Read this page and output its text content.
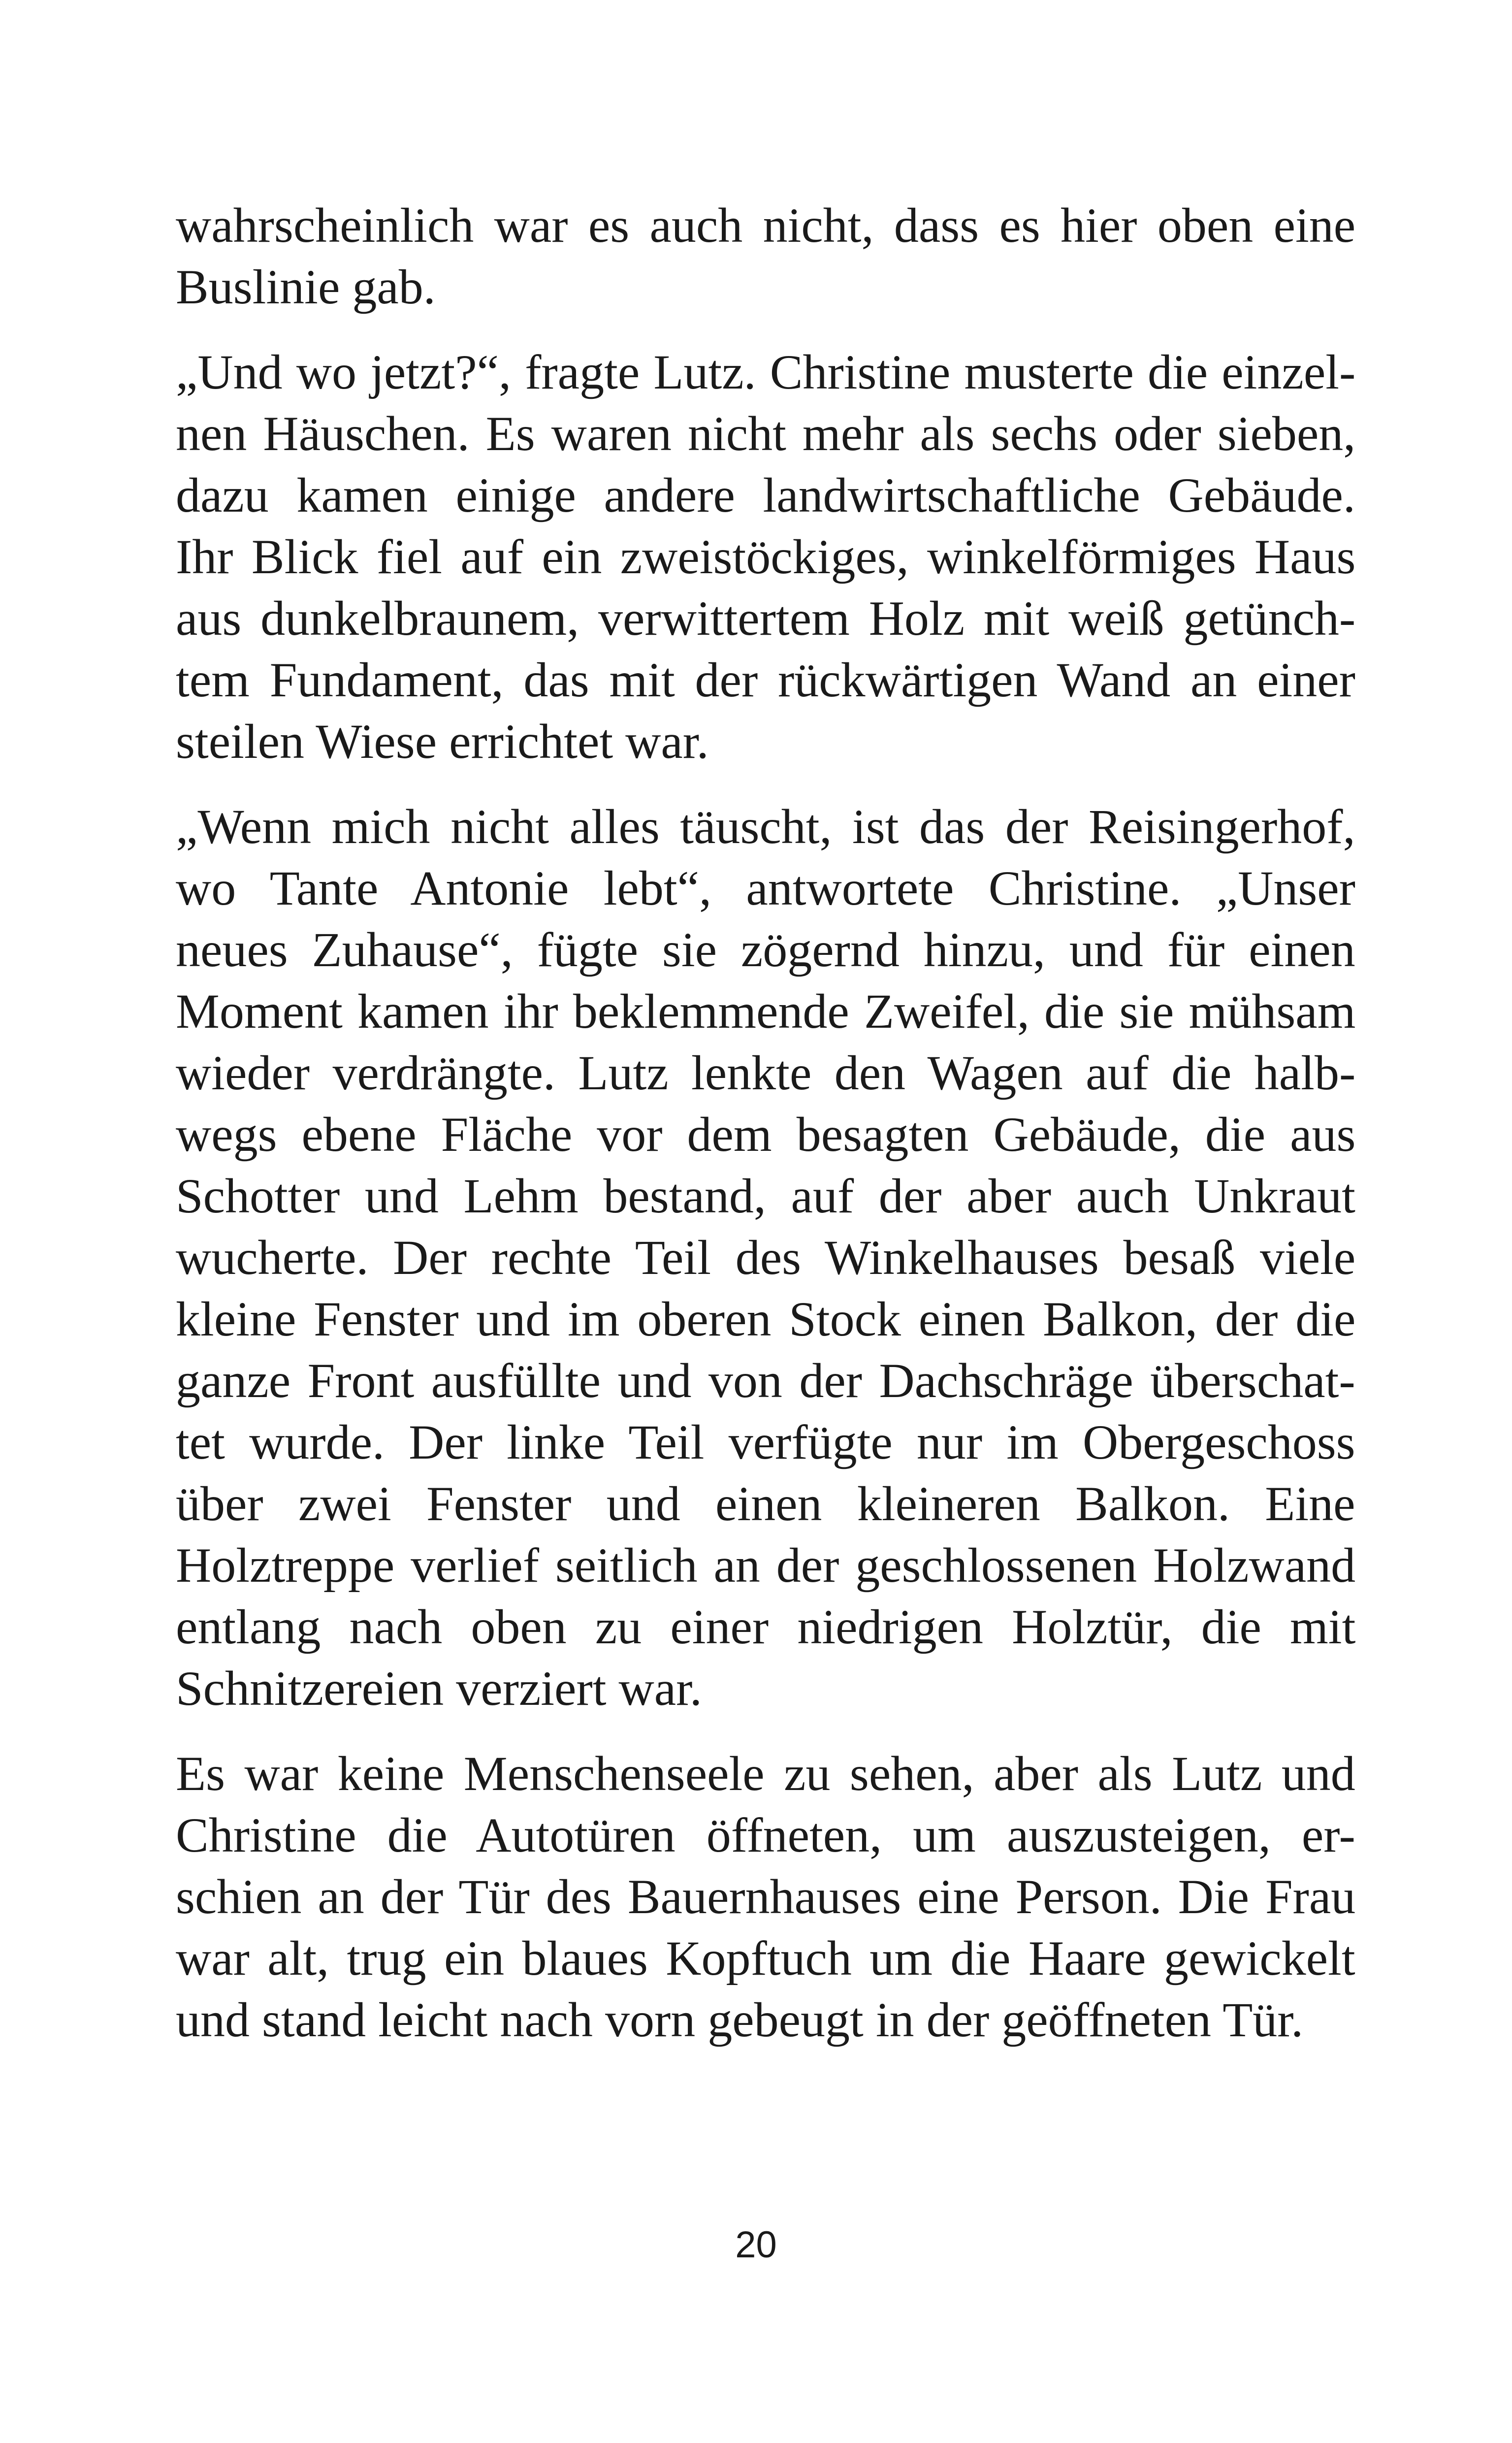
wahrscheinlich war es auch nicht, dass es hier oben eine
Buslinie gab.

„Und wo jetzt?“, fragte Lutz. Christine musterte die einzel-
nen Häuschen. Es waren nicht mehr als sechs oder sieben,
dazu kamen einige andere landwirtschaftliche Gebäude.
Ihr Blick fiel auf ein zweistöckiges, winkelförmiges Haus
aus dunkelbraunem, verwittertem Holz mit weiß getünch-
tem Fundament, das mit der rückwärtigen Wand an einer
steilen Wiese errichtet war.

„Wenn mich nicht alles täuscht, ist das der Reisingerhof,
wo Tante Antonie lebt“, antwortete Christine. „Unser
neues Zuhause“, fügte sie zögernd hinzu, und für einen
Moment kamen ihr beklemmende Zweifel, die sie mühsam
wieder verdrängte. Lutz lenkte den Wagen auf die halb-
wegs ebene Fläche vor dem besagten Gebäude, die aus
Schotter und Lehm bestand, auf der aber auch Unkraut
wucherte. Der rechte Teil des Winkelhauses besaß viele
kleine Fenster und im oberen Stock einen Balkon, der die
ganze Front ausfüllte und von der Dachschräge überschat-
tet wurde. Der linke Teil verfügte nur im Obergeschoss
über zwei Fenster und einen kleineren Balkon. Eine
Holztreppe verlief seitlich an der geschlossenen Holzwand
entlang nach oben zu einer niedrigen Holztür, die mit
Schnitzereien verziert war.

Es war keine Menschenseele zu sehen, aber als Lutz und
Christine die Autotüren öffneten, um auszusteigen, er-
schien an der Tür des Bauernhauses eine Person. Die Frau
war alt, trug ein blaues Kopftuch um die Haare gewickelt
und stand leicht nach vorn gebeugt in der geöffneten Tür.

20
